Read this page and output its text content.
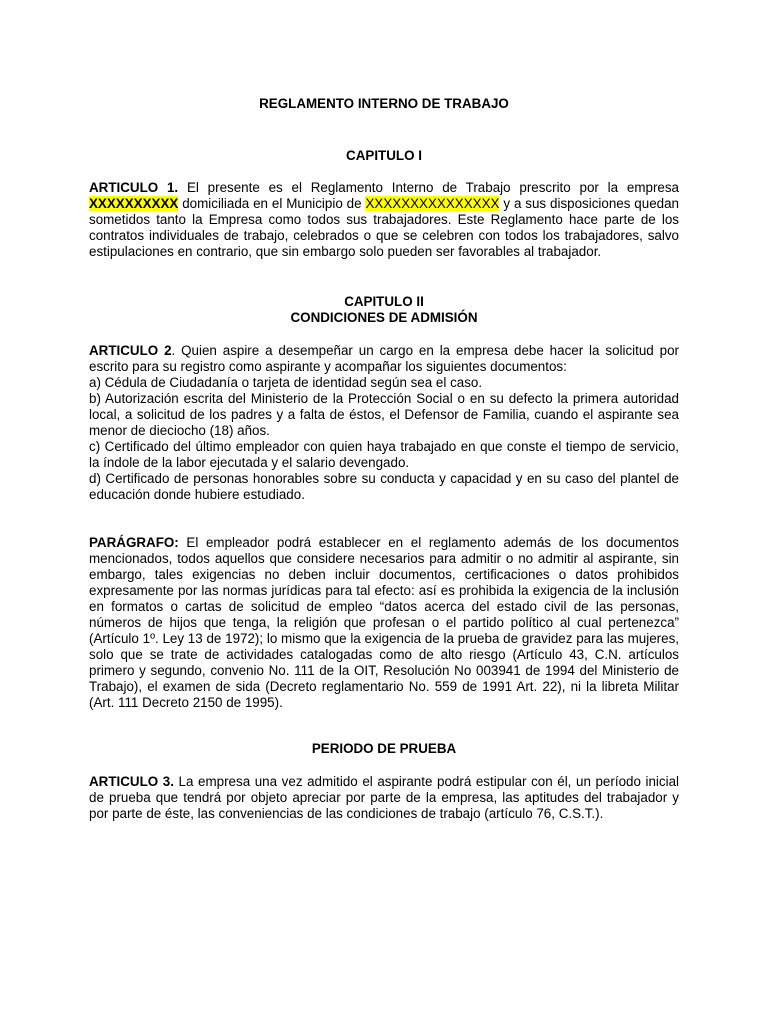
REGLAMENTO INTERNO DE TRABAJO

CAPITULO I

ARTICULO 1. El presente es el Reglamento Interno de Trabajo prescrito por la empresa XXXXXXXXXX domiciliada en el Municipio de XXXXXXXXXXXXXXX y a sus disposiciones quedan sometidos tanto la Empresa como todos sus trabajadores. Este Reglamento hace parte de los contratos individuales de trabajo, celebrados o que se celebren con todos los trabajadores, salvo estipulaciones en contrario, que sin embargo solo pueden ser favorables al trabajador.

CAPITULO II

CONDICIONES DE ADMISIÓN

ARTICULO 2. Quien aspire a desempeñar un cargo en la empresa debe hacer la solicitud por escrito para su registro como aspirante y acompañar los siguientes documentos:

a) Cédula de Ciudadanía o tarjeta de identidad según sea el caso.

b) Autorización escrita del Ministerio de la Protección Social o en su defecto la primera autoridad local, a solicitud de los padres y a falta de éstos, el Defensor de Familia, cuando el aspirante sea menor de dieciocho (18) años.

c) Certificado del último empleador con quien haya trabajado en que conste el tiempo de servicio, la índole de la labor ejecutada y el salario devengado.

d) Certificado de personas honorables sobre su conducta y capacidad y en su caso del plantel de educación donde hubiere estudiado.

PARÁGRAFO: El empleador podrá establecer en el reglamento además de los documentos mencionados, todos aquellos que considere necesarios para admitir o no admitir al aspirante, sin embargo, tales exigencias no deben incluir documentos, certificaciones o datos prohibidos expresamente por las normas jurídicas para tal efecto: así es prohibida la exigencia de la inclusión en formatos o cartas de solicitud de empleo “datos acerca del estado civil de las personas, números de hijos que tenga, la religión que profesan o el partido político al cual pertenezca” (Artículo 1º. Ley 13 de 1972); lo mismo que la exigencia de la prueba de gravidez para las mujeres, solo que se trate de actividades catalogadas como de alto riesgo (Artículo 43, C.N. artículos primero y segundo, convenio No. 111 de la OIT, Resolución No 003941 de 1994 del Ministerio de Trabajo), el examen de sida (Decreto reglamentario No. 559 de 1991 Art. 22), ni la libreta Militar (Art. 111 Decreto 2150 de 1995).

PERIODO DE PRUEBA

ARTICULO 3. La empresa una vez admitido el aspirante podrá estipular con él, un período inicial de prueba que tendrá por objeto apreciar por parte de la empresa, las aptitudes del trabajador y por parte de éste, las conveniencias de las condiciones de trabajo (artículo 76, C.S.T.).
